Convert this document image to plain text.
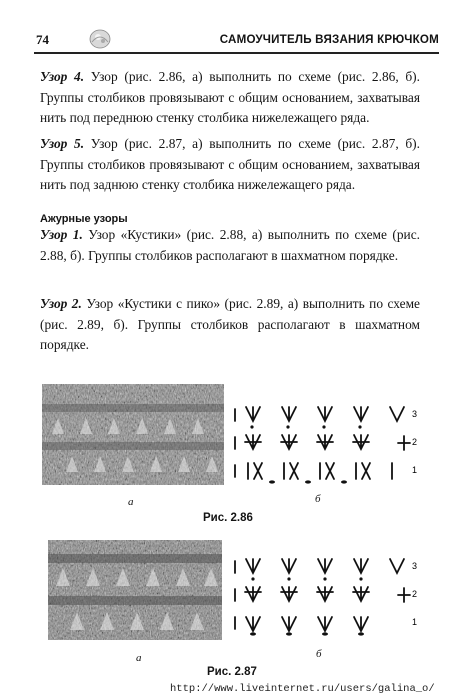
74	САМОУЧИТЕЛЬ ВЯЗАНИЯ КРЮЧКОМ

Узор 4. Узор (рис. 2.86, а) выполнить по схеме (рис. 2.86, б). Группы столбиков провязывают с общим основанием, захватывая нить под переднюю стенку столбика нижележащего ряда.

Узор 5. Узор (рис. 2.87, а) выполнить по схеме (рис. 2.87, б). Группы столбиков провязывают с общим основанием, захватывая нить под заднюю стенку столбика нижележащего ряда.

Ажурные узоры

Узор 1. Узор «Кустики» (рис. 2.88, а) выполнить по схеме (рис. 2.88, б). Группы столбиков располагают в шахматном порядке.

Узор 2. Узор «Кустики с пико» (рис. 2.89, а) выполнить по схеме (рис. 2.89, б). Группы столбиков располагают в шахматном порядке.

3
2
1
а	б
Рис. 2.86
3
2
1
а	б
Рис. 2.87
http://www.liveinternet.ru/users/galina_o/
